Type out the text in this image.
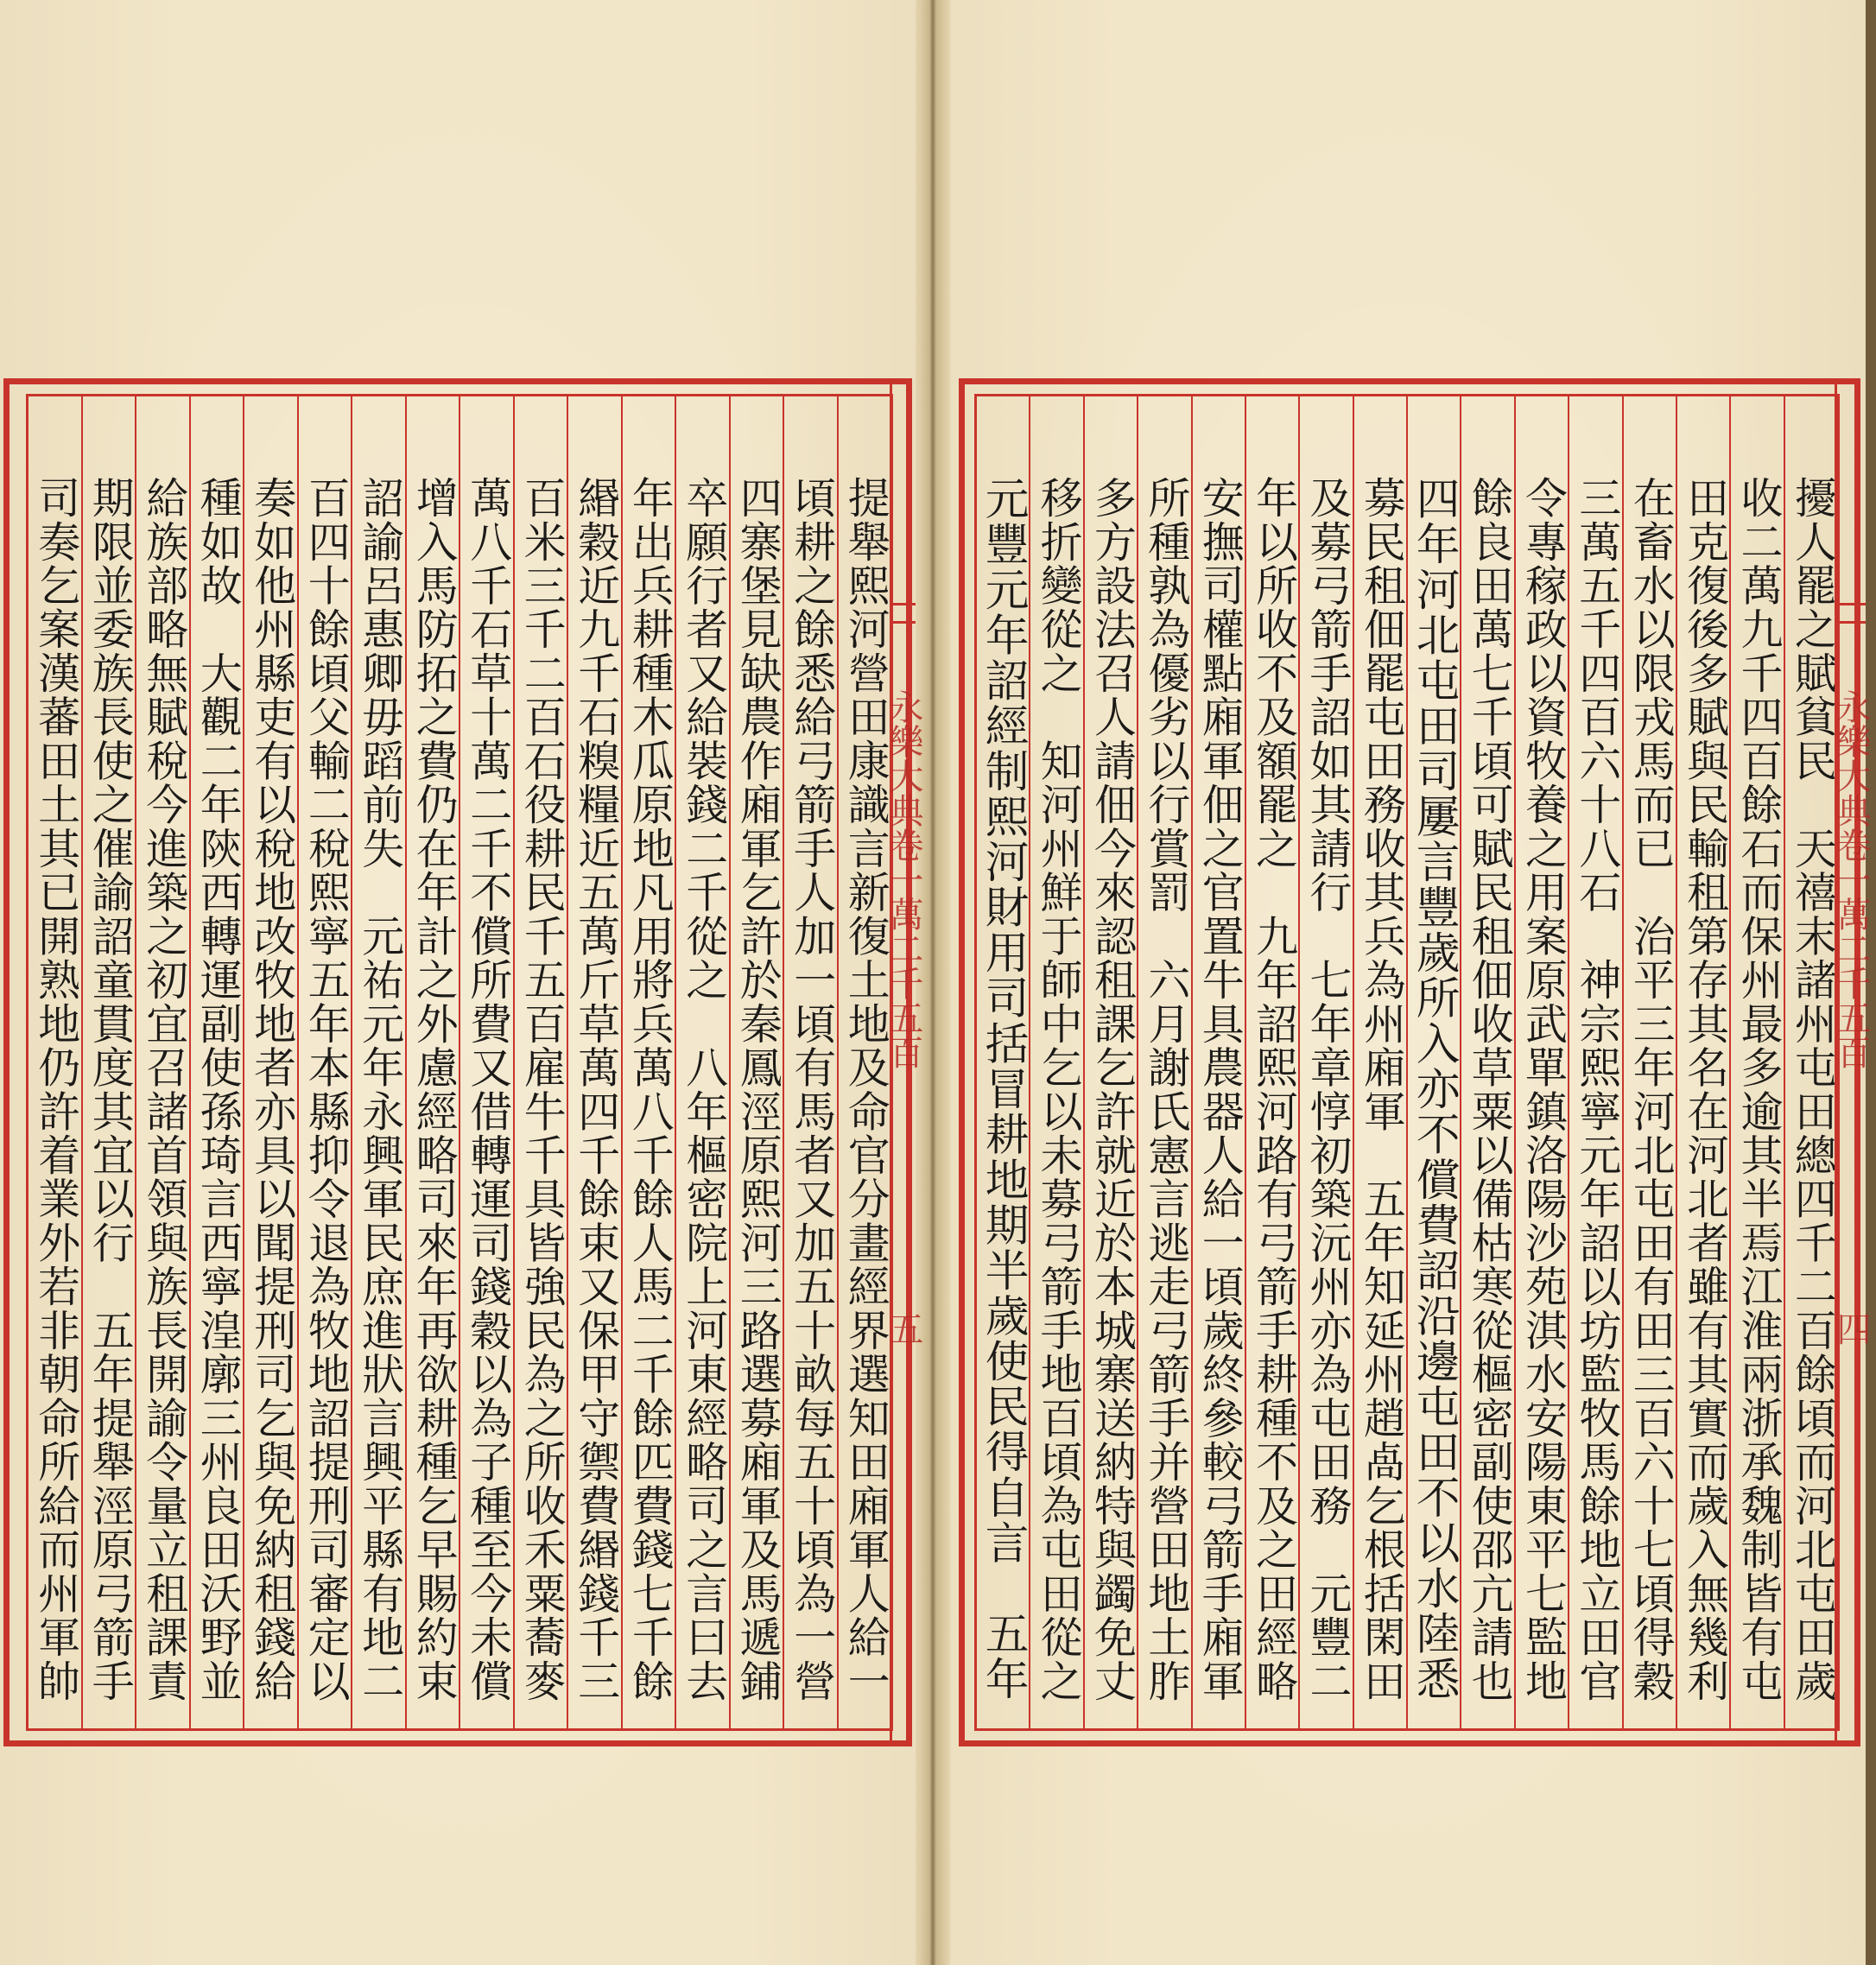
提舉熙河營田康識言新復土地及命官分畫經界選知田廂軍人給一
頃耕之餘悉給弓箭手人加一頃有馬者又加五十畝每五十頃為一營
四寨堡見缺農作廂軍乞許於秦鳳涇原熙河三路選募廂軍及馬遞鋪
卒願行者又給裝錢二千從之　八年樞密院上河東經略司之言曰去
年出兵耕種木瓜原地凡用將兵萬八千餘人馬二千餘匹費錢七千餘
緡穀近九千石糗糧近五萬斤草萬四千餘束又保甲守禦費緡錢千三
百米三千二百石役耕民千五百雇牛千具皆強民為之所收禾粟蕎麥
萬八千石草十萬二千不償所費又借轉運司錢穀以為子種至今未償
增入馬防拓之費仍在年計之外慮經略司來年再欲耕種乞早賜約束
詔諭呂惠卿毋蹈前失　元祐元年永興軍民庶進狀言興平縣有地二
百四十餘頃父輸二稅熙寧五年本縣抑令退為牧地詔提刑司審定以
奏如他州縣吏有以稅地改牧地者亦具以聞提刑司乞與免納租錢給
種如故　大觀二年陝西轉運副使孫琦言西寧湟廓三州良田沃野並
給族部略無賦稅今進築之初宜召諸首領與族長開諭令量立租課責
期限並委族長使之催諭詔童貫度其宜以行　五年提舉涇原弓箭手
司奏乞案漢蕃田土其已開熟地仍許着業外若非朝命所給而州軍帥	永樂大典卷一萬二千五百
五	擾人罷之賦貧民　天禧末諸州屯田總四千二百餘頃而河北屯田歲
收二萬九千四百餘石而保州最多逾其半焉江淮兩浙承魏制皆有屯
田克復後多賦與民輸租第存其名在河北者雖有其實而歲入無幾利
在畜水以限戎馬而已　治平三年河北屯田有田三百六十七頃得穀
三萬五千四百六十八石　神宗熙寧元年詔以坊監牧馬餘地立田官
令專稼政以資牧養之用案原武單鎮洛陽沙苑淇水安陽東平七監地
餘良田萬七千頃可賦民租佃收草粟以備枯寒從樞密副使邵亢請也
四年河北屯田司屢言豐歲所入亦不償費詔沿邊屯田不以水陸悉
募民租佃罷屯田務收其兵為州廂軍　五年知延州趙卨乞根括閑田
及募弓箭手詔如其請行　七年章惇初築沅州亦為屯田務　元豐二
年以所收不及額罷之　九年詔熙河路有弓箭手耕種不及之田經略
安撫司權點廂軍佃之官置牛具農器人給一頃歲終參較弓箭手廂軍
所種孰為優劣以行賞罰　六月謝氏憲言逃走弓箭手并營田地土胙
多方設法召人請佃今來認租課乞許就近於本城寨送納特與蠲免丈
移折變從之　知河州鮮于師中乞以未募弓箭手地百頃為屯田從之
元豐元年詔經制熙河財用司括冒耕地期半歲使民得自言　五年	永樂大典卷一萬二千五百
四
